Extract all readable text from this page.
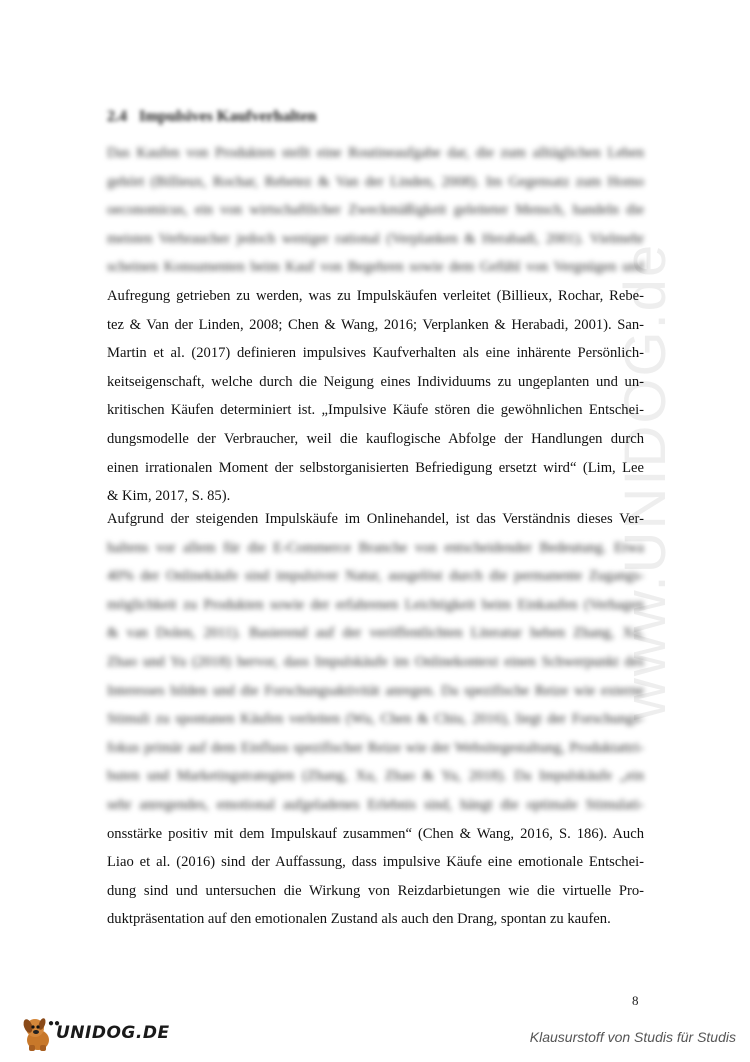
www.UNIDOG.de
2.4 Impulsives Kaufverhalten
Das Kaufen von Produkten stellt eine Routineaufgabe dar, die zum alltäglichen Leben
gehört (Billieux, Rochar, Rebetez & Van der Linden, 2008). Im Gegensatz zum Homo
oeconomicus, ein von wirtschaftlicher Zweckmäßigkeit geleiteter Mensch, handeln die
meisten Verbraucher jedoch weniger rational (Verplanken & Herabadi, 2001). Vielmehr
scheinen Konsumenten beim Kauf von Begehren sowie dem Gefühl von Vergnügen und
Aufregung getrieben zu werden, was zu Impulskäufen verleitet (Billieux, Rochar, Rebe-
tez & Van der Linden, 2008; Chen & Wang, 2016; Verplanken & Herabadi, 2001). San-
Martin et al. (2017) definieren impulsives Kaufverhalten als eine inhärente Persönlich-
keitseigenschaft, welche durch die Neigung eines Individuums zu ungeplanten und un-
kritischen Käufen determiniert ist. „Impulsive Käufe stören die gewöhnlichen Entschei-
dungsmodelle der Verbraucher, weil die kauflogische Abfolge der Handlungen durch
einen irrationalen Moment der selbstorganisierten Befriedigung ersetzt wird“ (Lim, Lee
& Kim, 2017, S. 85).
Aufgrund der steigenden Impulskäufe im Onlinehandel, ist das Verständnis dieses Ver-
haltens vor allem für die E-Commerce Branche von entscheidender Bedeutung. Etwa
40% der Onlinekäufe sind impulsiver Natur, ausgelöst durch die permanente Zugangs-
möglichkeit zu Produkten sowie der erfahrenen Leichtigkeit beim Einkaufen (Verhagen
& van Dolen, 2011). Basierend auf der veröffentlichten Literatur heben Zhang, Xu,
Zhao und Yu (2018) hervor, dass Impulskäufe im Onlinekontext einen Schwerpunkt des
Interesses bilden und die Forschungsaktivität anregen. Da spezifische Reize wie externe
Stimuli zu spontanen Käufen verleiten (Wu, Chen & Chiu, 2016), liegt der Forschungs-
fokus primär auf dem Einfluss spezifischer Reize wie der Websitegestaltung, Produktattri-
buten und Marketingstrategien (Zhang, Xu, Zhao & Yu, 2018). Da Impulskäufe „ein
sehr anregendes, emotional aufgeladenes Erlebnis sind, hängt die optimale Stimulati-
onsstärke positiv mit dem Impulskauf zusammen“ (Chen & Wang, 2016, S. 186). Auch
Liao et al. (2016) sind der Auffassung, dass impulsive Käufe eine emotionale Entschei-
dung sind und untersuchen die Wirkung von Reizdarbietungen wie die virtuelle Pro-
duktpräsentation auf den emotionalen Zustand als auch den Drang, spontan zu kaufen.
8
●●
UNIDOG.DE	Klausurstoff von Studis für Studis
